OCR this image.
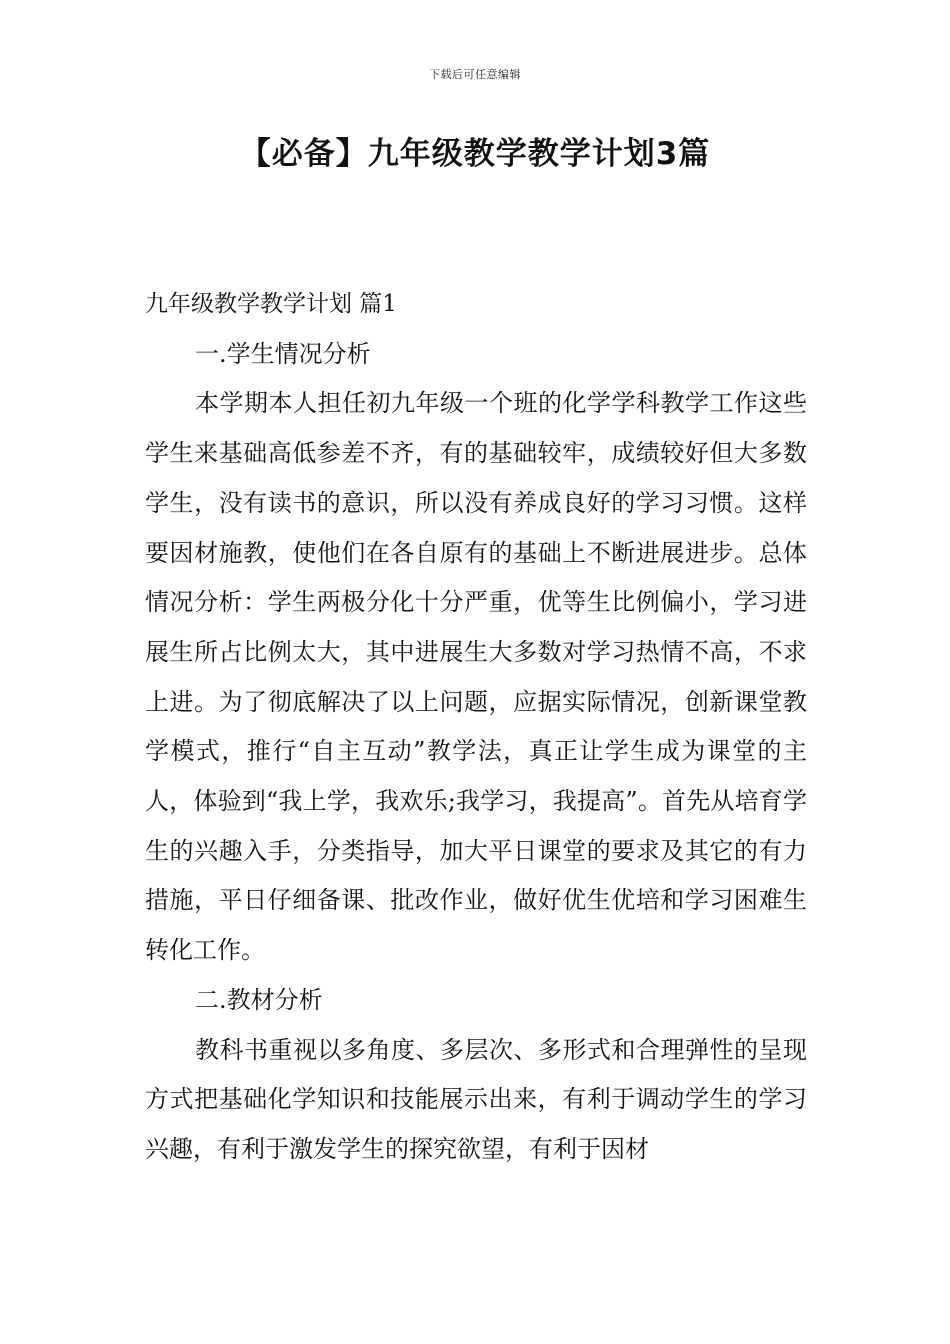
下载后可任意编辑
【必备】九年级教学教学计划3篇

九年级教学教学计划 篇1

一.学生情况分析

本学期本人担任初九年级一个班的化学学科教学工作这些学生来基础高低参差不齐，有的基础较牢，成绩较好但大多数学生，没有读书的意识，所以没有养成良好的学习习惯。这样要因材施教，使他们在各自原有的基础上不断进展进步。总体情况分析：学生两极分化十分严重，优等生比例偏小，学习进展生所占比例太大，其中进展生大多数对学习热情不高，不求上进。为了彻底解决了以上问题，应据实际情况，创新课堂教学模式，推行“自主互动”教学法，真正让学生成为课堂的主人，体验到“我上学，我欢乐;我学习，我提高”。首先从培育学生的兴趣入手，分类指导，加大平日课堂的要求及其它的有力措施，平日仔细备课、批改作业，做好优生优培和学习困难生转化工作。

二.教材分析

教科书重视以多角度、多层次、多形式和合理弹性的呈现方式把基础化学知识和技能展示出来，有利于调动学生的学习兴趣，有利于激发学生的探究欲望，有利于因材
